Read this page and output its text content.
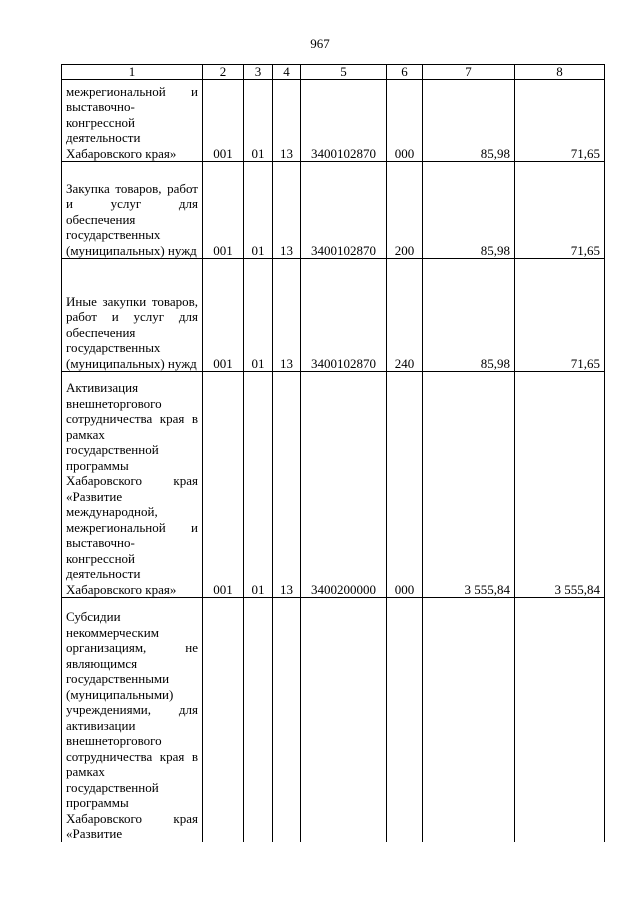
967
1	2	3	4	5	6	7	8
межрегиональной и выставочно-конгрессной деятельности Хабаровского края»	001	01	13	3400102870	000	85,98	71,65
Закупка товаров, работ и услуг для обеспечения государственных (муниципальных) нужд	001	01	13	3400102870	200	85,98	71,65
Иные закупки товаров, работ и услуг для обеспечения государственных (муниципальных) нужд	001	01	13	3400102870	240	85,98	71,65
Активизация внешнеторгового сотрудничества края в рамках государственной программы Хабаровского края «Развитие международной, межрегиональной и выставочно-конгрессной деятельности Хабаровского края»	001	01	13	3400200000	000	3 555,84	3 555,84
Субсидии некоммерческим организациям, не являющимся государственными (муниципальными) учреждениями, для активизации внешнеторгового сотрудничества края в рамках государственной программы Хабаровского края «Развитие							
